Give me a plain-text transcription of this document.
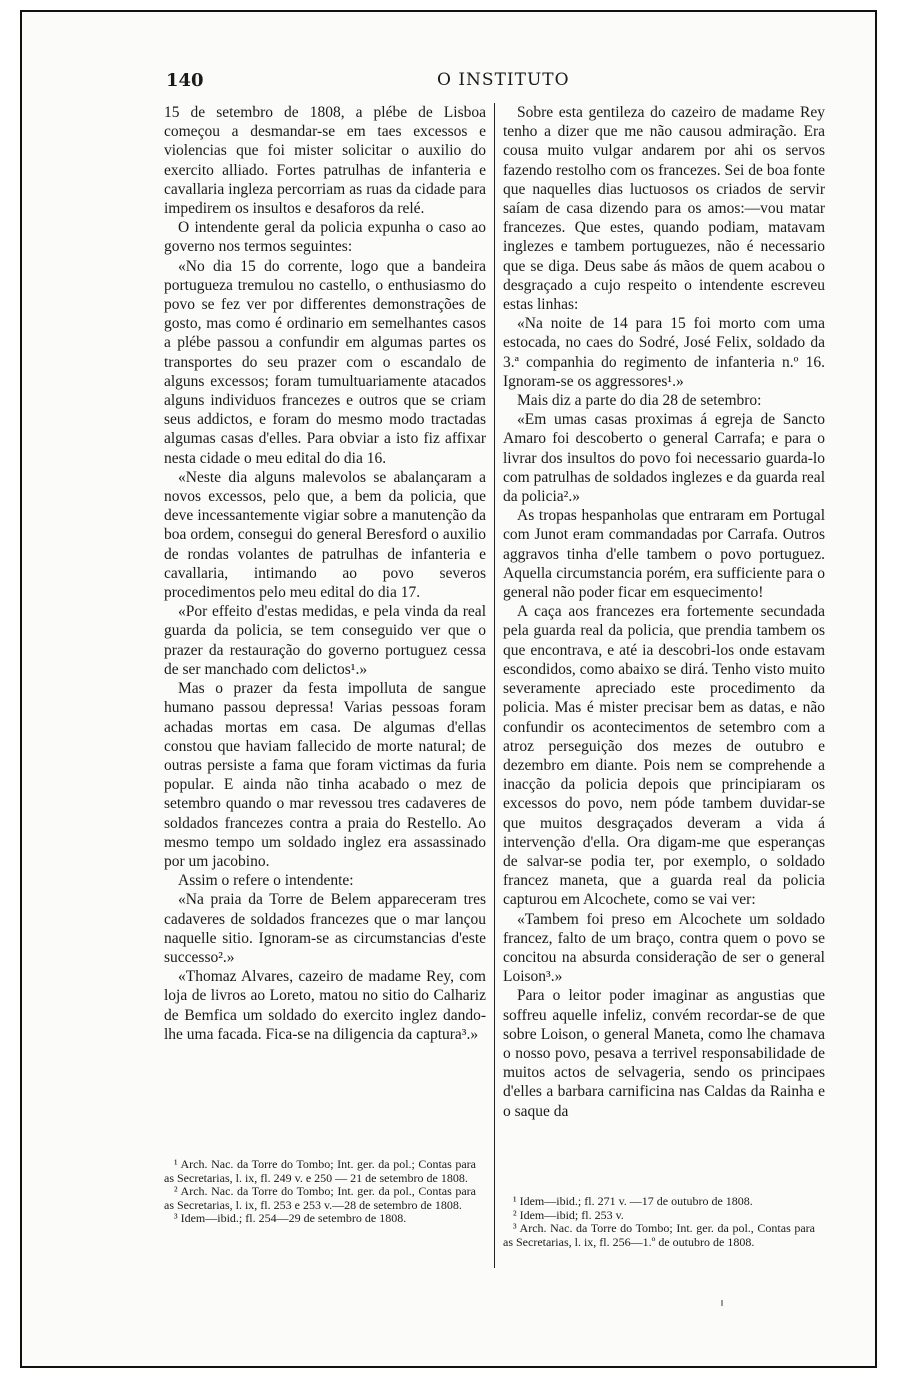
140	O INSTITUTO

15 de setembro de 1808, a plébe de Lisboa começou a desmandar-se em taes excessos e violencias que foi mister solicitar o auxilio do exercito alliado. Fortes patrulhas de infanteria e cavallaria ingleza percorriam as ruas da cidade para impedirem os insultos e desaforos da relé.

O intendente geral da policia expunha o caso ao governo nos termos seguintes:

«No dia 15 do corrente, logo que a bandeira portugueza tremulou no castello, o enthusiasmo do povo se fez ver por differentes demonstrações de gosto, mas como é ordinario em semelhantes casos a plébe passou a confundir em algumas partes os transportes do seu prazer com o escandalo de alguns excessos; foram tumultuariamente atacados alguns individuos francezes e outros que se criam seus addictos, e foram do mesmo modo tractadas algumas casas d'elles. Para obviar a isto fiz affixar nesta cidade o meu edital do dia 16.

«Neste dia alguns malevolos se abalançaram a novos excessos, pelo que, a bem da policia, que deve incessantemente vigiar sobre a manutenção da boa ordem, consegui do general Beresford o auxilio de rondas volantes de patrulhas de infanteria e cavallaria, intimando ao povo severos procedimentos pelo meu edital do dia 17.

«Por effeito d'estas medidas, e pela vinda da real guarda da policia, se tem conseguido ver que o prazer da restauração do governo portuguez cessa de ser manchado com delictos¹.»

Mas o prazer da festa impolluta de sangue humano passou depressa! Varias pessoas foram achadas mortas em casa. De algumas d'ellas constou que haviam fallecido de morte natural; de outras persiste a fama que foram victimas da furia popular. E ainda não tinha acabado o mez de setembro quando o mar revessou tres cadaveres de soldados francezes contra a praia do Restello. Ao mesmo tempo um soldado inglez era assassinado por um jacobino.

Assim o refere o intendente:

«Na praia da Torre de Belem appareceram tres cadaveres de soldados francezes que o mar lançou naquelle sitio. Ignoram-se as circumstancias d'este successo².»

«Thomaz Alvares, cazeiro de madame Rey, com loja de livros ao Loreto, matou no sitio do Calhariz de Bemfica um soldado do exercito inglez dando-lhe uma facada. Fica-se na diligencia da captura³.»

Sobre esta gentileza do cazeiro de madame Rey tenho a dizer que me não causou admiração. Era cousa muito vulgar andarem por ahi os servos fazendo restolho com os francezes. Sei de boa fonte que naquelles dias luctuosos os criados de servir saíam de casa dizendo para os amos:—vou matar francezes. Que estes, quando podiam, matavam inglezes e tambem portuguezes, não é necessario que se diga. Deus sabe ás mãos de quem acabou o desgraçado a cujo respeito o intendente escreveu estas linhas:

«Na noite de 14 para 15 foi morto com uma estocada, no caes do Sodré, José Felix, soldado da 3.ª companhia do regimento de infanteria n.º 16. Ignoram-se os aggressores¹.»

Mais diz a parte do dia 28 de setembro:

«Em umas casas proximas á egreja de Sancto Amaro foi descoberto o general Carrafa; e para o livrar dos insultos do povo foi necessario guarda-lo com patrulhas de soldados inglezes e da guarda real da policia².»

As tropas hespanholas que entraram em Portugal com Junot eram commandadas por Carrafa. Outros aggravos tinha d'elle tambem o povo portuguez. Aquella circumstancia porém, era sufficiente para o general não poder ficar em esquecimento!

A caça aos francezes era fortemente secundada pela guarda real da policia, que prendia tambem os que encontrava, e até ia descobri-los onde estavam escondidos, como abaixo se dirá. Tenho visto muito severamente apreciado este procedimento da policia. Mas é mister precisar bem as datas, e não confundir os acontecimentos de setembro com a atroz perseguição dos mezes de outubro e dezembro em diante. Pois nem se comprehende a inacção da policia depois que principiaram os excessos do povo, nem póde tambem duvidar-se que muitos desgraçados deveram a vida á intervenção d'ella. Ora digam-me que esperanças de salvar-se podia ter, por exemplo, o soldado francez maneta, que a guarda real da policia capturou em Alcochete, como se vai ver:

«Tambem foi preso em Alcochete um soldado francez, falto de um braço, contra quem o povo se concitou na absurda consideração de ser o general Loison³.»

Para o leitor poder imaginar as angustias que soffreu aquelle infeliz, convém recordar-se de que sobre Loison, o general Maneta, como lhe chamava o nosso povo, pesava a terrivel responsabilidade de muitos actos de selvageria, sendo os principaes d'elles a barbara carnificina nas Caldas da Rainha e o saque da

¹ Arch. Nac. da Torre do Tombo; Int. ger. da pol.; Contas para as Secretarias, l. ix, fl. 249 v. e 250 — 21 de setembro de 1808.
² Arch. Nac. da Torre do Tombo; Int. ger. da pol., Contas para as Secretarias, l. ix, fl. 253 e 253 v.—28 de setembro de 1808.
³ Idem—ibid.; fl. 254—29 de setembro de 1808.
¹ Idem—ibid.; fl. 271 v. —17 de outubro de 1808.
² Idem—ibid; fl. 253 v.
³ Arch. Nac. da Torre do Tombo; Int. ger. da pol., Contas para as Secretarias, l. ix, fl. 256—1.º de outubro de 1808.
